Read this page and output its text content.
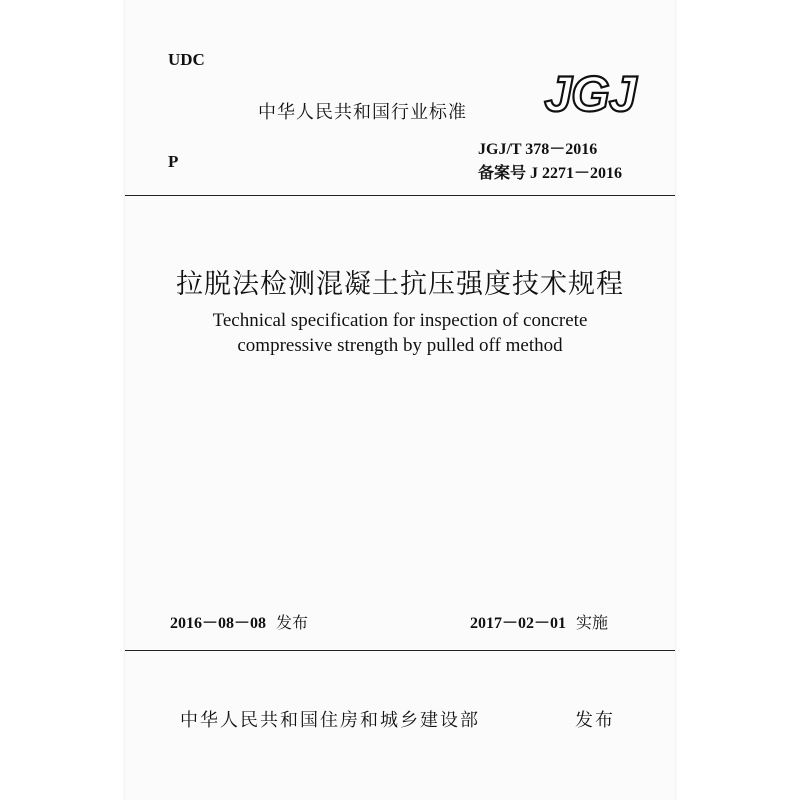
UDC
P
中华人民共和国行业标准 JGJ
JGJ/T 378－2016
备案号 J 2271－2016
拉脱法检测混凝土抗压强度技术规程
Technical specification for inspection of concrete
compressive strength by pulled off method
2016－08－08 发布	2017－02－01 实施
中华人民共和国住房和城乡建设部	发布
